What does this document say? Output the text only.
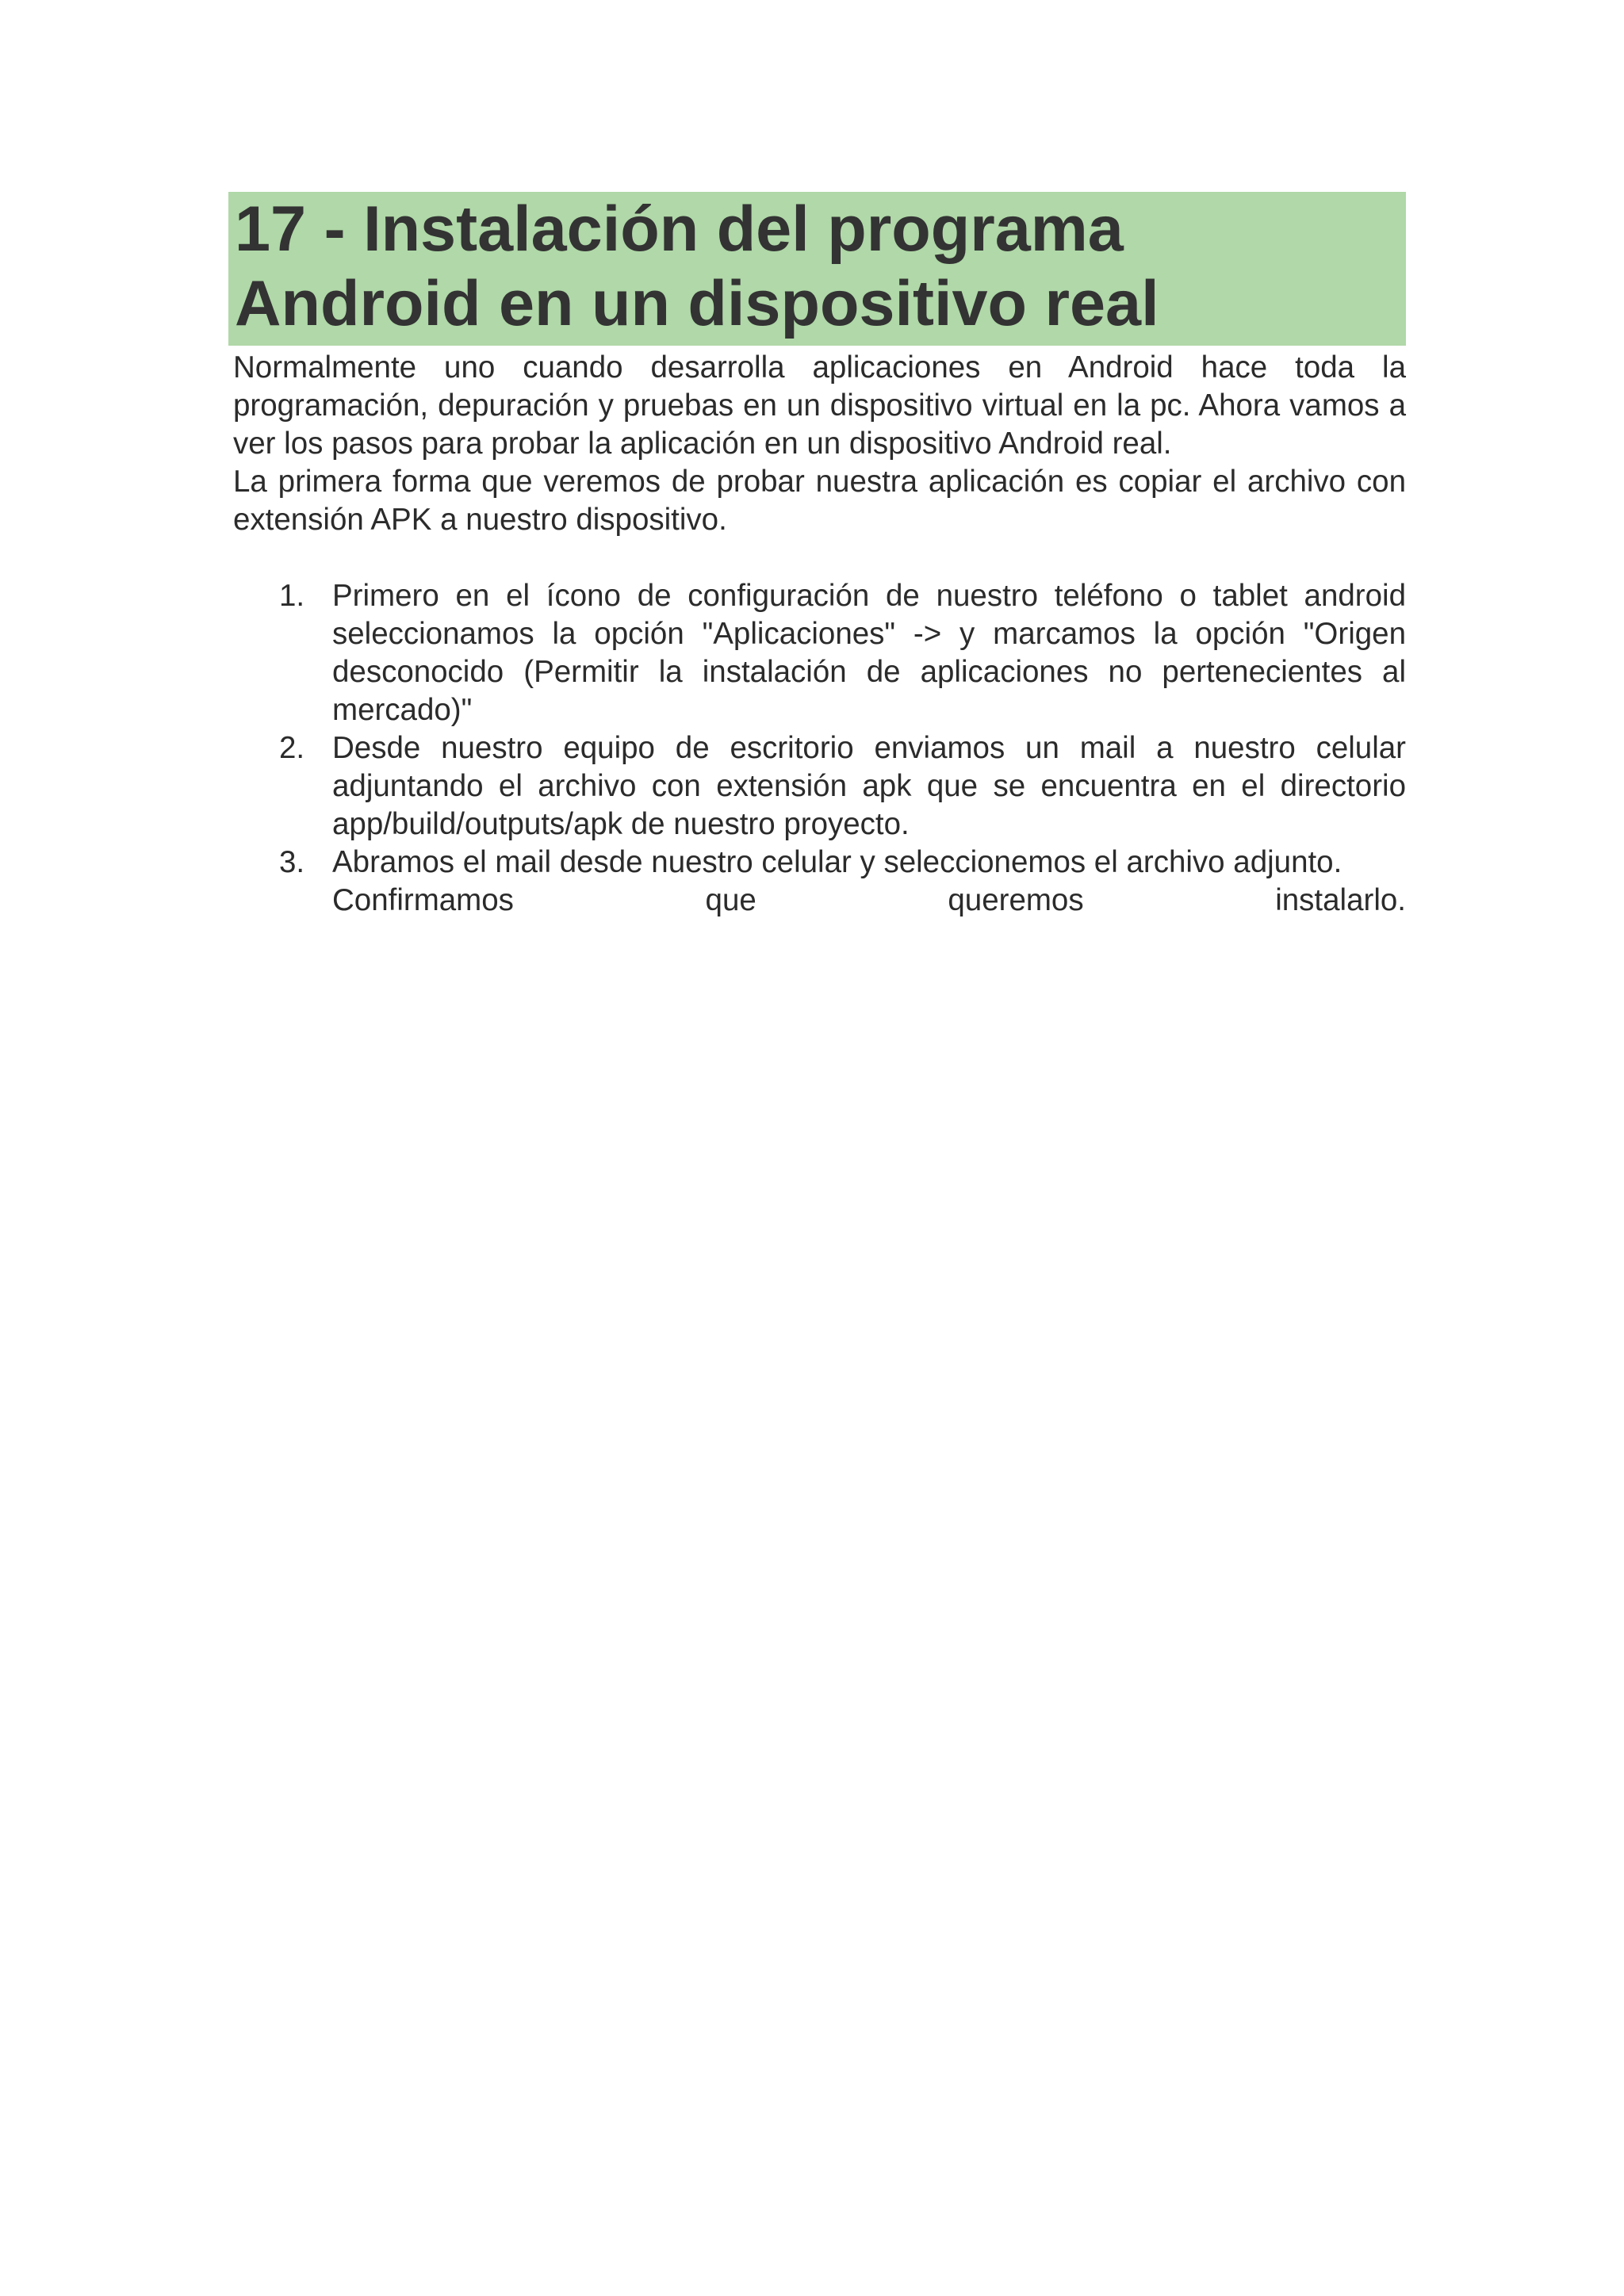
17 - Instalación del programa
Android en un dispositivo real

Normalmente uno cuando desarrolla aplicaciones en Android hace toda la programación, depuración y pruebas en un dispositivo virtual en la pc. Ahora vamos a ver los pasos para probar la aplicación en un dispositivo Android real.

La primera forma que veremos de probar nuestra aplicación es copiar el archivo con extensión APK a nuestro dispositivo.

1. Primero en el ícono de configuración de nuestro teléfono o tablet android seleccionamos la opción "Aplicaciones" -> y marcamos la opción "Origen desconocido (Permitir la instalación de aplicaciones no pertenecientes al mercado)"
2. Desde nuestro equipo de escritorio enviamos un mail a nuestro celular adjuntando el archivo con extensión apk que se encuentra en el directorio app/build/outputs/apk de nuestro proyecto.
3. Abramos el mail desde nuestro celular y seleccionemos el archivo adjunto.
Confirmamos que queremos instalarlo.
